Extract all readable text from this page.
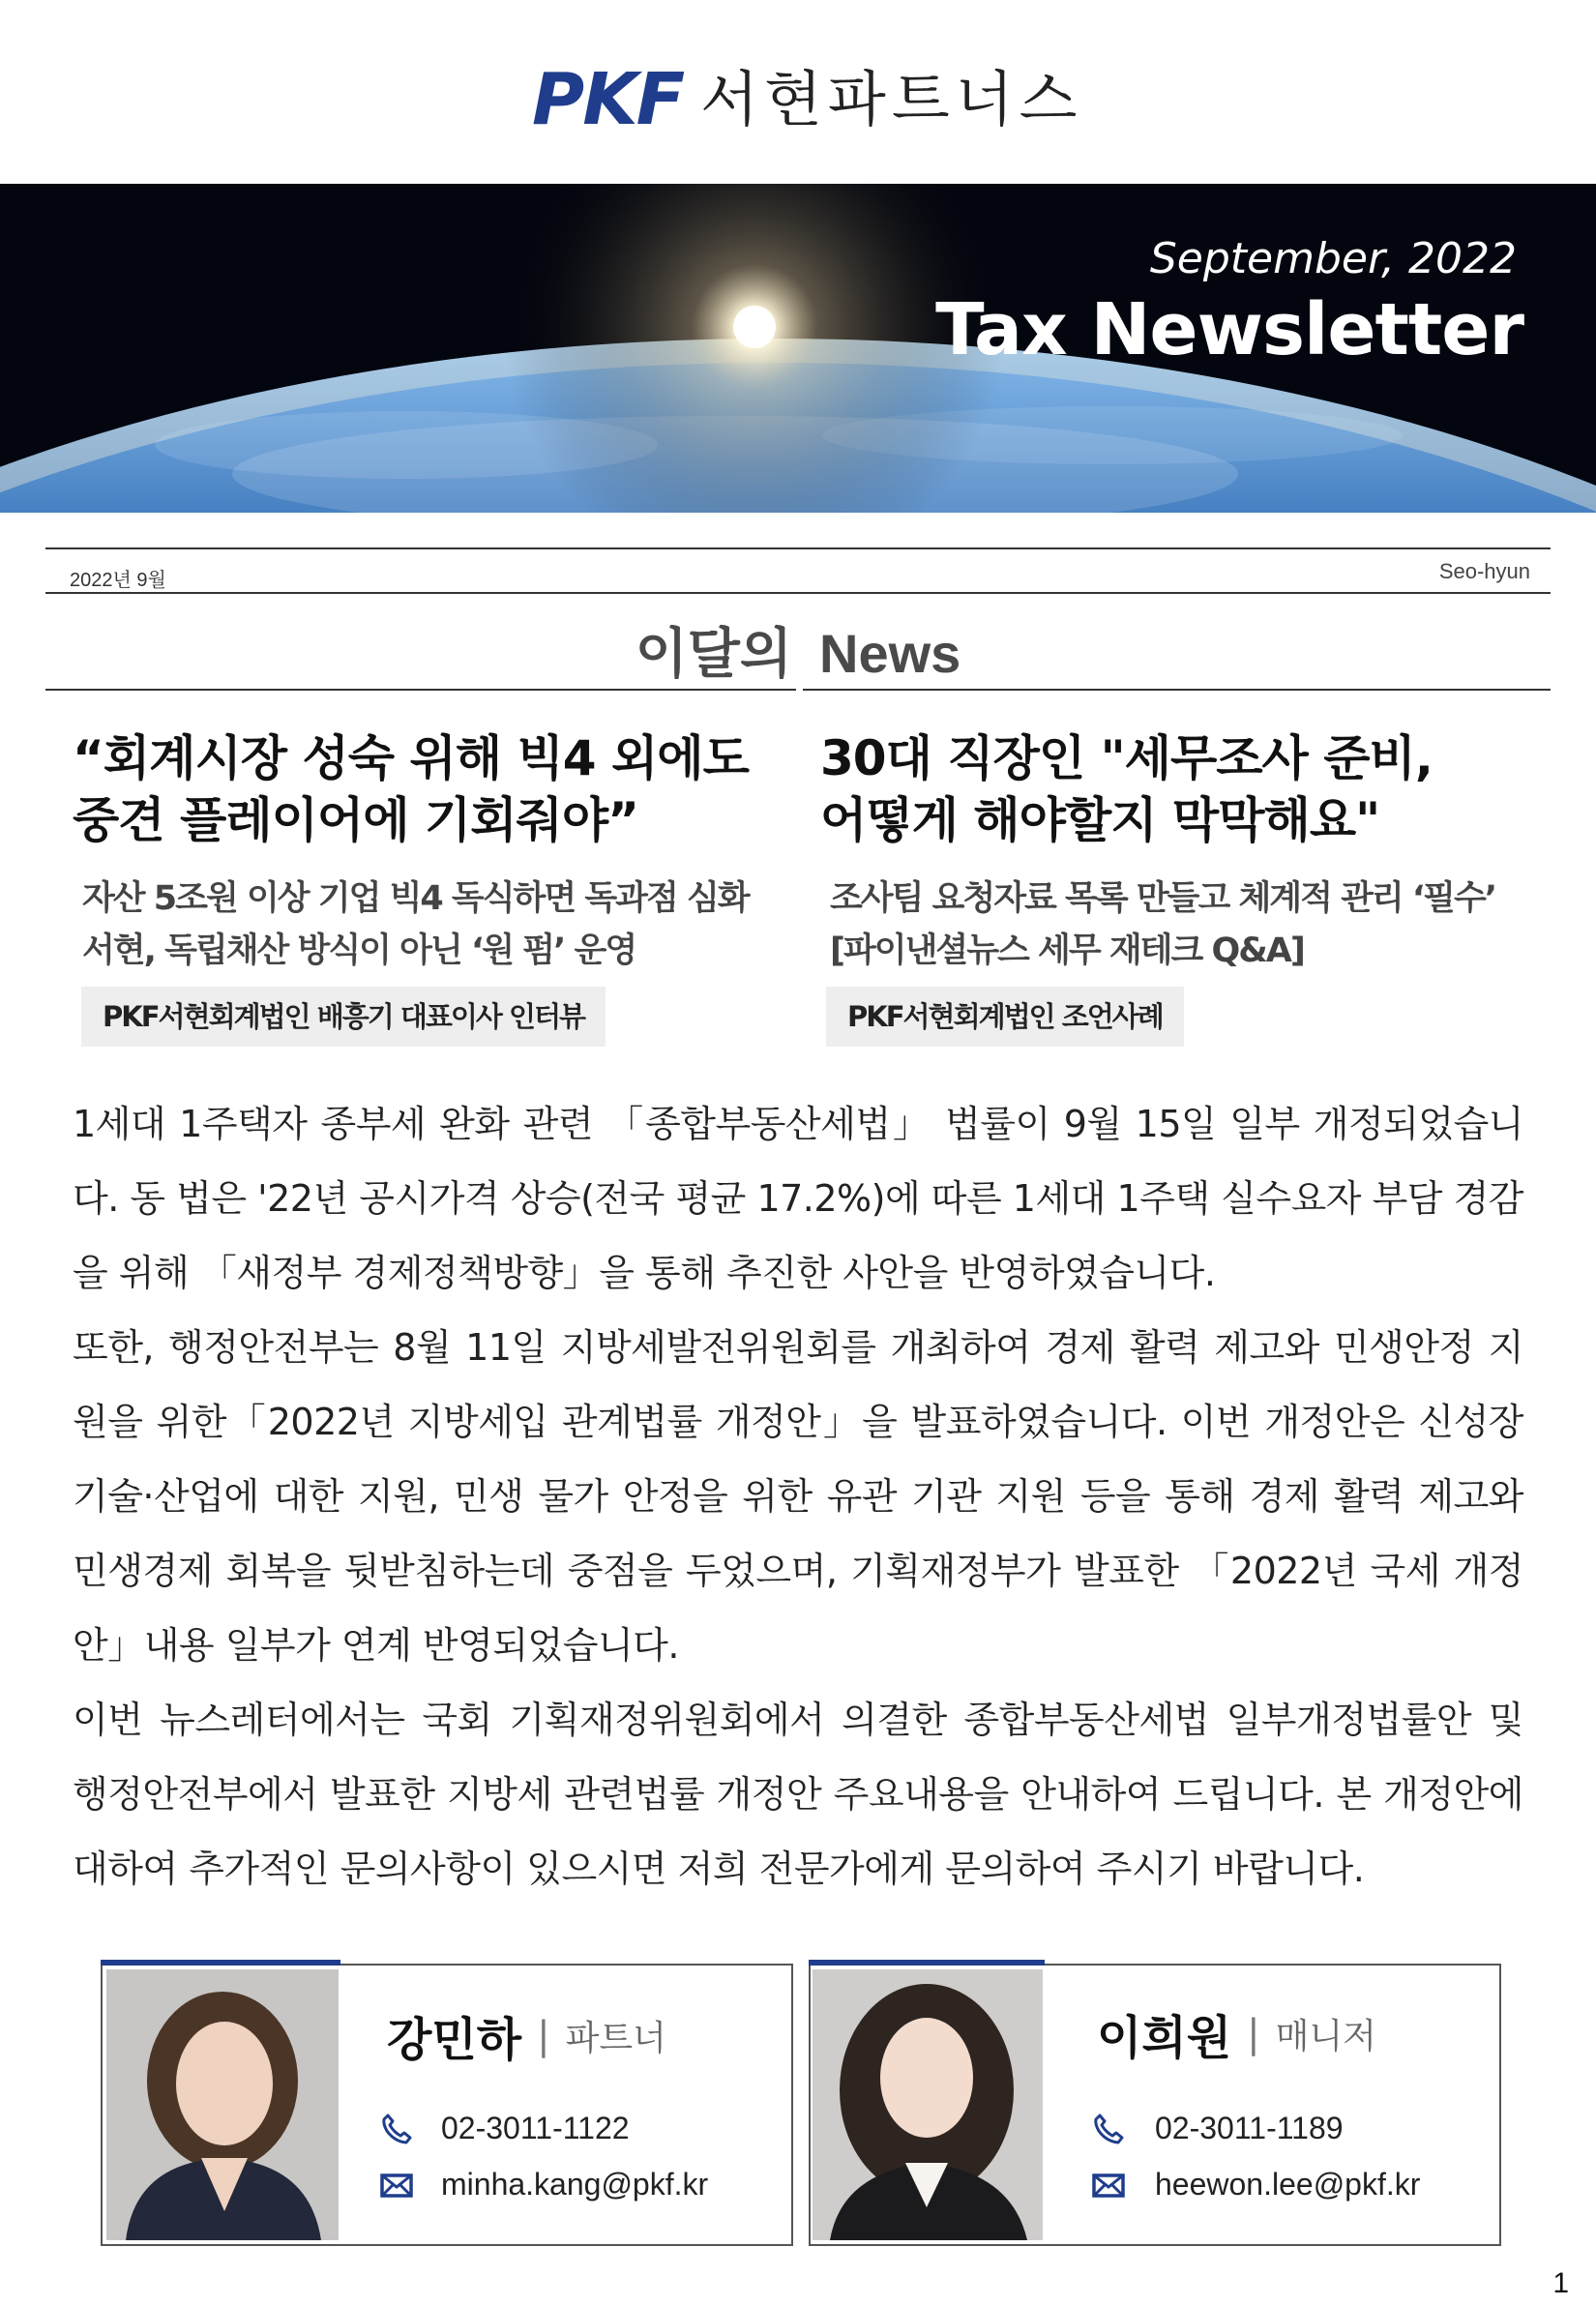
PKF 서현파트너스
September, 2022
Tax Newsletter
2022년 9월	Seo-hyun
이달의 News
“회계시장 성숙 위해 빅4 외에도
중견 플레이어에 기회줘야”
자산 5조원 이상 기업 빅4 독식하면 독과점 심화
서현, 독립채산 방식이 아닌 ‘원 펌’ 운영
PKF서현회계법인 배흥기 대표이사 인터뷰
30대 직장인 "세무조사 준비,
어떻게 해야할지 막막해요"
조사팀 요청자료 목록 만들고 체계적 관리 ‘필수’
[파이낸셜뉴스 세무 재테크 Q&A]
PKF서현회계법인 조언사례

1세대 1주택자 종부세 완화 관련 「종합부동산세법」 법률이 9월 15일 일부 개정되었습니다. 동 법은 '22년 공시가격 상승(전국 평균 17.2%)에 따른 1세대 1주택 실수요자 부담 경감을 위해 「새정부 경제정책방향」을 통해 추진한 사안을 반영하였습니다.

또한, 행정안전부는 8월 11일 지방세발전위원회를 개최하여 경제 활력 제고와 민생안정 지원을 위한「2022년 지방세입 관계법률 개정안」을 발표하였습니다. 이번 개정안은 신성장 기술·산업에 대한 지원, 민생 물가 안정을 위한 유관 기관 지원 등을 통해 경제 활력 제고와 민생경제 회복을 뒷받침하는데 중점을 두었으며, 기획재정부가 발표한 「2022년 국세 개정안」내용 일부가 연계 반영되었습니다.

이번 뉴스레터에서는 국회 기획재정위원회에서 의결한 종합부동산세법 일부개정법률안 및 행정안전부에서 발표한 지방세 관련법률 개정안 주요내용을 안내하여 드립니다. 본 개정안에 대하여 추가적인 문의사항이 있으시면 저희 전문가에게 문의하여 주시기 바랍니다.

강민하 | 파트너
02-3011-1122
minha.kang@pkf.kr
이희원 | 매니저
02-3011-1189
heewon.lee@pkf.kr
1
